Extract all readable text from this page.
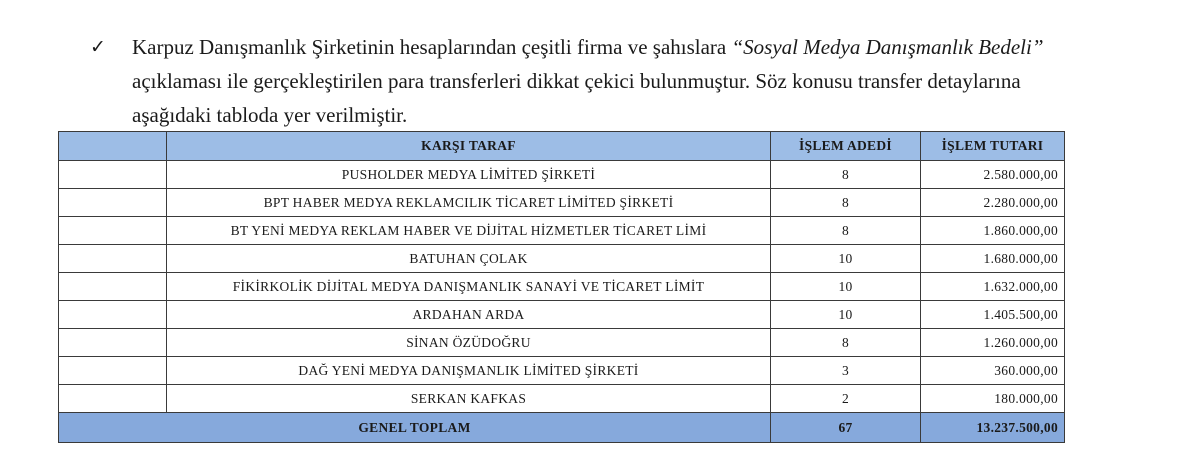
✓	Karpuz Danışmanlık Şirketinin hesaplarından çeşitli firma ve şahıslara “Sosyal Medya Danışmanlık Bedeli” açıklaması ile gerçekleştirilen para transferleri dikkat çekici bulunmuştur. Söz konusu transfer detaylarına aşağıdaki tabloda yer verilmiştir.
	KARŞI TARAF	İŞLEM ADEDİ	İŞLEM TUTARI
	PUSHOLDER MEDYA LİMİTED ŞİRKETİ	8	2.580.000,00
	BPT HABER MEDYA REKLAMCILIK TİCARET LİMİTED ŞİRKETİ	8	2.280.000,00
	BT YENİ MEDYA REKLAM HABER VE DİJİTAL HİZMETLER TİCARET LİMİ	8	1.860.000,00
	BATUHAN ÇOLAK	10	1.680.000,00
	FİKİRKOLİK DİJİTAL MEDYA DANIŞMANLIK SANAYİ VE TİCARET LİMİT	10	1.632.000,00
	ARDAHAN ARDA	10	1.405.500,00
	SİNAN ÖZÜDOĞRU	8	1.260.000,00
	DAĞ YENİ MEDYA DANIŞMANLIK LİMİTED ŞİRKETİ	3	360.000,00
	SERKAN KAFKAS	2	180.000,00
GENEL TOPLAM		67	13.237.500,00
